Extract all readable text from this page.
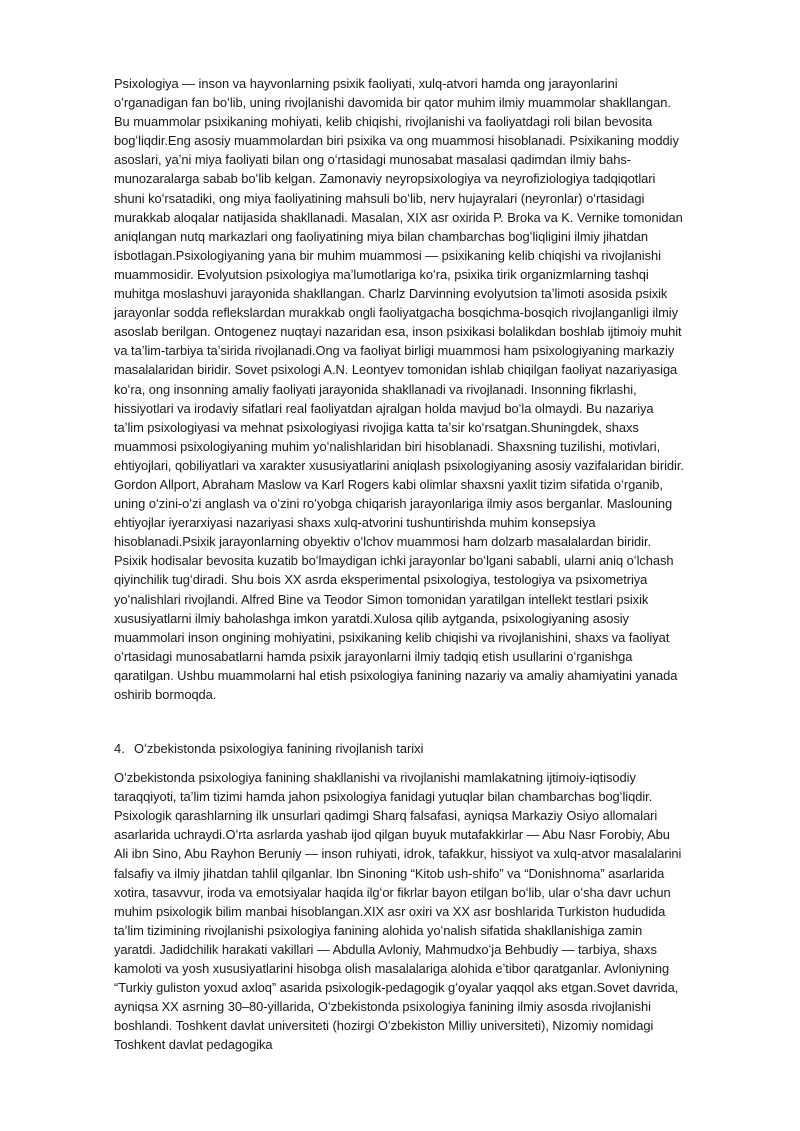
Psixologiya — inson va hayvonlarning psixik faoliyati, xulq-atvori hamda ong jarayonlarini oʻrganadigan fan boʻlib, uning rivojlanishi davomida bir qator muhim ilmiy muammolar shakllangan. Bu muammolar psixikaning mohiyati, kelib chiqishi, rivojlanishi va faoliyatdagi roli bilan bevosita bogʻliqdir.Eng asosiy muammolardan biri psixika va ong muammosi hisoblanadi. Psixikaning moddiy asoslari, yaʼni miya faoliyati bilan ong oʻrtasidagi munosabat masalasi qadimdan ilmiy bahs-munozaralarga sabab boʻlib kelgan. Zamonaviy neyropsixologiya va neyrofiziologiya tadqiqotlari shuni koʻrsatadiki, ong miya faoliyatining mahsuli boʻlib, nerv hujayralari (neyronlar) oʻrtasidagi murakkab aloqalar natijasida shakllanadi. Masalan, XIX asr oxirida P. Broka va K. Vernike tomonidan aniqlangan nutq markazlari ong faoliyatining miya bilan chambarchas bogʻliqligini ilmiy jihatdan isbotlagan.Psixologiyaning yana bir muhim muammosi — psixikaning kelib chiqishi va rivojlanishi muammosidir. Evolyutsion psixologiya maʼlumotlariga koʻra, psixika tirik organizmlarning tashqi muhitga moslashuvi jarayonida shakllangan. Charlz Darvinning evolyutsion taʼlimoti asosida psixik jarayonlar sodda reflekslardan murakkab ongli faoliyatgacha bosqichma-bosqich rivojlanganligi ilmiy asoslab berilgan. Ontogenez nuqtayi nazaridan esa, inson psixikasi bolalikdan boshlab ijtimoiy muhit va taʼlim-tarbiya taʼsirida rivojlanadi.Ong va faoliyat birligi muammosi ham psixologiyaning markaziy masalalaridan biridir. Sovet psixologi A.N. Leontyev tomonidan ishlab chiqilgan faoliyat nazariyasiga koʻra, ong insonning amaliy faoliyati jarayonida shakllanadi va rivojlanadi. Insonning fikrlashi, hissiyotlari va irodaviy sifatlari real faoliyatdan ajralgan holda mavjud boʻla olmaydi. Bu nazariya taʼlim psixologiyasi va mehnat psixologiyasi rivojiga katta taʼsir koʻrsatgan.Shuningdek, shaxs muammosi psixologiyaning muhim yoʻnalishlaridan biri hisoblanadi. Shaxsning tuzilishi, motivlari, ehtiyojlari, qobiliyatlari va xarakter xususiyatlarini aniqlash psixologiyaning asosiy vazifalaridan biridir. Gordon Allport, Abraham Maslow va Karl Rogers kabi olimlar shaxsni yaxlit tizim sifatida oʻrganib, uning oʻzini-oʻzi anglash va oʻzini roʻyobga chiqarish jarayonlariga ilmiy asos berganlar. Maslouning ehtiyojlar iyerarxiyasi nazariyasi shaxs xulq-atvorini tushuntirishda muhim konsepsiya hisoblanadi.Psixik jarayonlarning obyektiv oʻlchov muammosi ham dolzarb masalalardan biridir. Psixik hodisalar bevosita kuzatib boʻlmaydigan ichki jarayonlar boʻlgani sababli, ularni aniq oʻlchash qiyinchilik tugʻdiradi. Shu bois XX asrda eksperimental psixologiya, testologiya va psixometriya yoʻnalishlari rivojlandi. Alfred Bine va Teodor Simon tomonidan yaratilgan intellekt testlari psixik xususiyatlarni ilmiy baholashga imkon yaratdi.Xulosa qilib aytganda, psixologiyaning asosiy muammolari inson ongining mohiyatini, psixikaning kelib chiqishi va rivojlanishini, shaxs va faoliyat oʻrtasidagi munosabatlarni hamda psixik jarayonlarni ilmiy tadqiq etish usullarini oʻrganishga qaratilgan. Ushbu muammolarni hal etish psixologiya fanining nazariy va amaliy ahamiyatini yanada oshirib bormoqda.

4. Oʻzbekistonda psixologiya fanining rivojlanish tarixi

Oʻzbekistonda psixologiya fanining shakllanishi va rivojlanishi mamlakatning ijtimoiy-iqtisodiy taraqqiyoti, taʼlim tizimi hamda jahon psixologiya fanidagi yutuqlar bilan chambarchas bogʻliqdir. Psixologik qarashlarning ilk unsurlari qadimgi Sharq falsafasi, ayniqsa Markaziy Osiyo allomalari asarlarida uchraydi.Oʻrta asrlarda yashab ijod qilgan buyuk mutafakkirlar — Abu Nasr Forobiy, Abu Ali ibn Sino, Abu Rayhon Beruniy — inson ruhiyati, idrok, tafakkur, hissiyot va xulq-atvor masalalarini falsafiy va ilmiy jihatdan tahlil qilganlar. Ibn Sinoning “Kitob ush-shifo” va “Donishnoma” asarlarida xotira, tasavvur, iroda va emotsiyalar haqida ilgʻor fikrlar bayon etilgan boʻlib, ular oʻsha davr uchun muhim psixologik bilim manbai hisoblangan.XIX asr oxiri va XX asr boshlarida Turkiston hududida taʼlim tizimining rivojlanishi psixologiya fanining alohida yoʻnalish sifatida shakllanishiga zamin yaratdi. Jadidchilik harakati vakillari — Abdulla Avloniy, Mahmudxoʻja Behbudiy — tarbiya, shaxs kamoloti va yosh xususiyatlarini hisobga olish masalalariga alohida eʼtibor qaratganlar. Avloniyning “Turkiy guliston yoxud axloq” asarida psixologik-pedagogik gʻoyalar yaqqol aks etgan.Sovet davrida, ayniqsa XX asrning 30–80-yillarida, Oʻzbekistonda psixologiya fanining ilmiy asosda rivojlanishi boshlandi. Toshkent davlat universiteti (hozirgi Oʻzbekiston Milliy universiteti), Nizomiy nomidagi Toshkent davlat pedagogika
